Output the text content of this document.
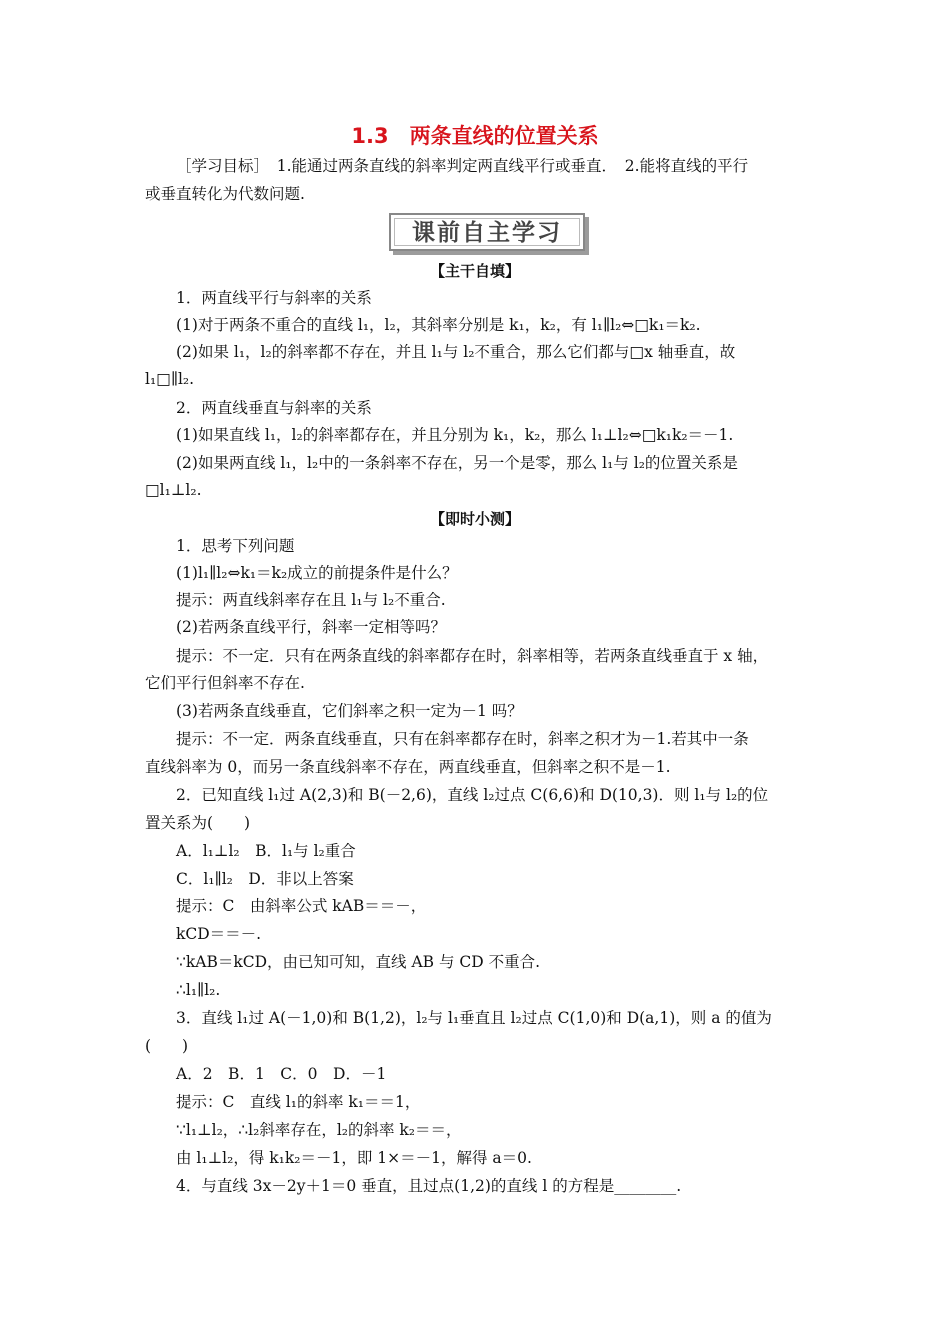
1.3　两条直线的位置关系
［学习目标］　1.能通过两条直线的斜率判定两直线平行或垂直．　2.能将直线的平行
或垂直转化为代数问题.
课前自主学习
【主干自填】
1．两直线平行与斜率的关系
(1)对于两条不重合的直线 l₁，l₂，其斜率分别是 k₁，k₂，有 l₁∥l₂⇔□k₁＝k₂.
(2)如果 l₁，l₂的斜率都不存在，并且 l₁与 l₂不重合，那么它们都与□x 轴垂直，故
l₁□∥l₂.
2．两直线垂直与斜率的关系
(1)如果直线 l₁，l₂的斜率都存在，并且分别为 k₁，k₂，那么 l₁⊥l₂⇔□k₁k₂＝－1.
(2)如果两直线 l₁，l₂中的一条斜率不存在，另一个是零，那么 l₁与 l₂的位置关系是
□l₁⊥l₂.
【即时小测】
1．思考下列问题
(1)l₁∥l₂⇔k₁＝k₂成立的前提条件是什么？
提示：两直线斜率存在且 l₁与 l₂不重合.
(2)若两条直线平行，斜率一定相等吗？
提示：不一定．只有在两条直线的斜率都存在时，斜率相等，若两条直线垂直于 x 轴，
它们平行但斜率不存在.
(3)若两条直线垂直，它们斜率之积一定为－1 吗？
提示：不一定．两条直线垂直，只有在斜率都存在时，斜率之积才为－1.若其中一条
直线斜率为 0，而另一条直线斜率不存在，两直线垂直，但斜率之积不是－1.
2．已知直线 l₁过 A(2,3)和 B(－2,6)，直线 l₂过点 C(6,6)和 D(10,3)．则 l₁与 l₂的位
置关系为(　　)
A．l₁⊥l₂　B．l₁与 l₂重合
C．l₁∥l₂　D．非以上答案
提示：C　由斜率公式 kAB＝＝－，
kCD＝＝－.
∵kAB＝kCD，由已知可知，直线 AB 与 CD 不重合.
∴l₁∥l₂.
3．直线 l₁过 A(－1,0)和 B(1,2)，l₂与 l₁垂直且 l₂过点 C(1,0)和 D(a,1)，则 a 的值为
(　　)
A．2　B．1　C．0　D．－1
提示：C　直线 l₁的斜率 k₁＝＝1，
∵l₁⊥l₂，∴l₂斜率存在，l₂的斜率 k₂＝＝，
由 l₁⊥l₂，得 k₁k₂＝－1，即 1×＝－1，解得 a＝0.
4．与直线 3x－2y＋1＝0 垂直，且过点(1,2)的直线 l 的方程是________.
